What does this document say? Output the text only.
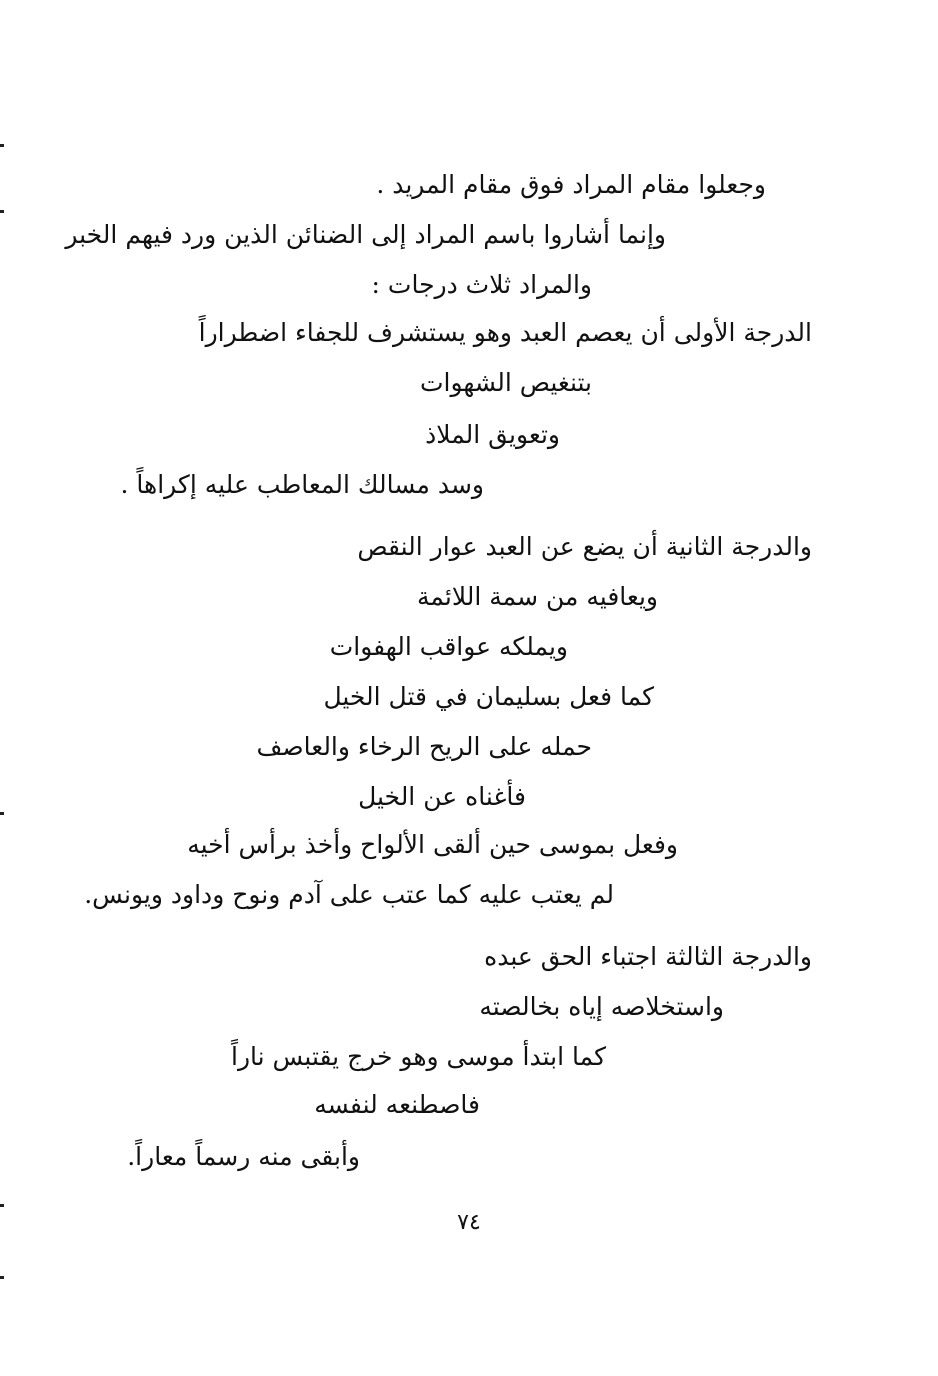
وجعلوا مقام المراد فوق مقام المريد .
وإنما أشاروا باسم المراد إلى الضنائن الذين ورد فيهم الخبر
والمراد ثلاث درجات :
الدرجة الأولى أن يعصم العبد وهو يستشرف للجفاء اضطراراً
بتنغيص الشهوات
وتعويق الملاذ
وسد مسالك المعاطب عليه إكراهاً .
والدرجة الثانية أن يضع عن العبد عوار النقص
ويعافيه من سمة اللائمة
ويملكه عواقب الهفوات
كما فعل بسليمان في قتل الخيل
حمله على الريح الرخاء والعاصف
فأغناه عن الخيل
وفعل بموسى حين ألقى الألواح وأخذ برأس أخيه
لم يعتب عليه كما عتب على آدم ونوح وداود ويونس.
والدرجة الثالثة اجتباء الحق عبده
واستخلاصه إياه بخالصته
كما ابتدأ موسى وهو خرج يقتبس ناراً
فاصطنعه لنفسه
وأبقى منه رسماً معاراً.
٧٤
